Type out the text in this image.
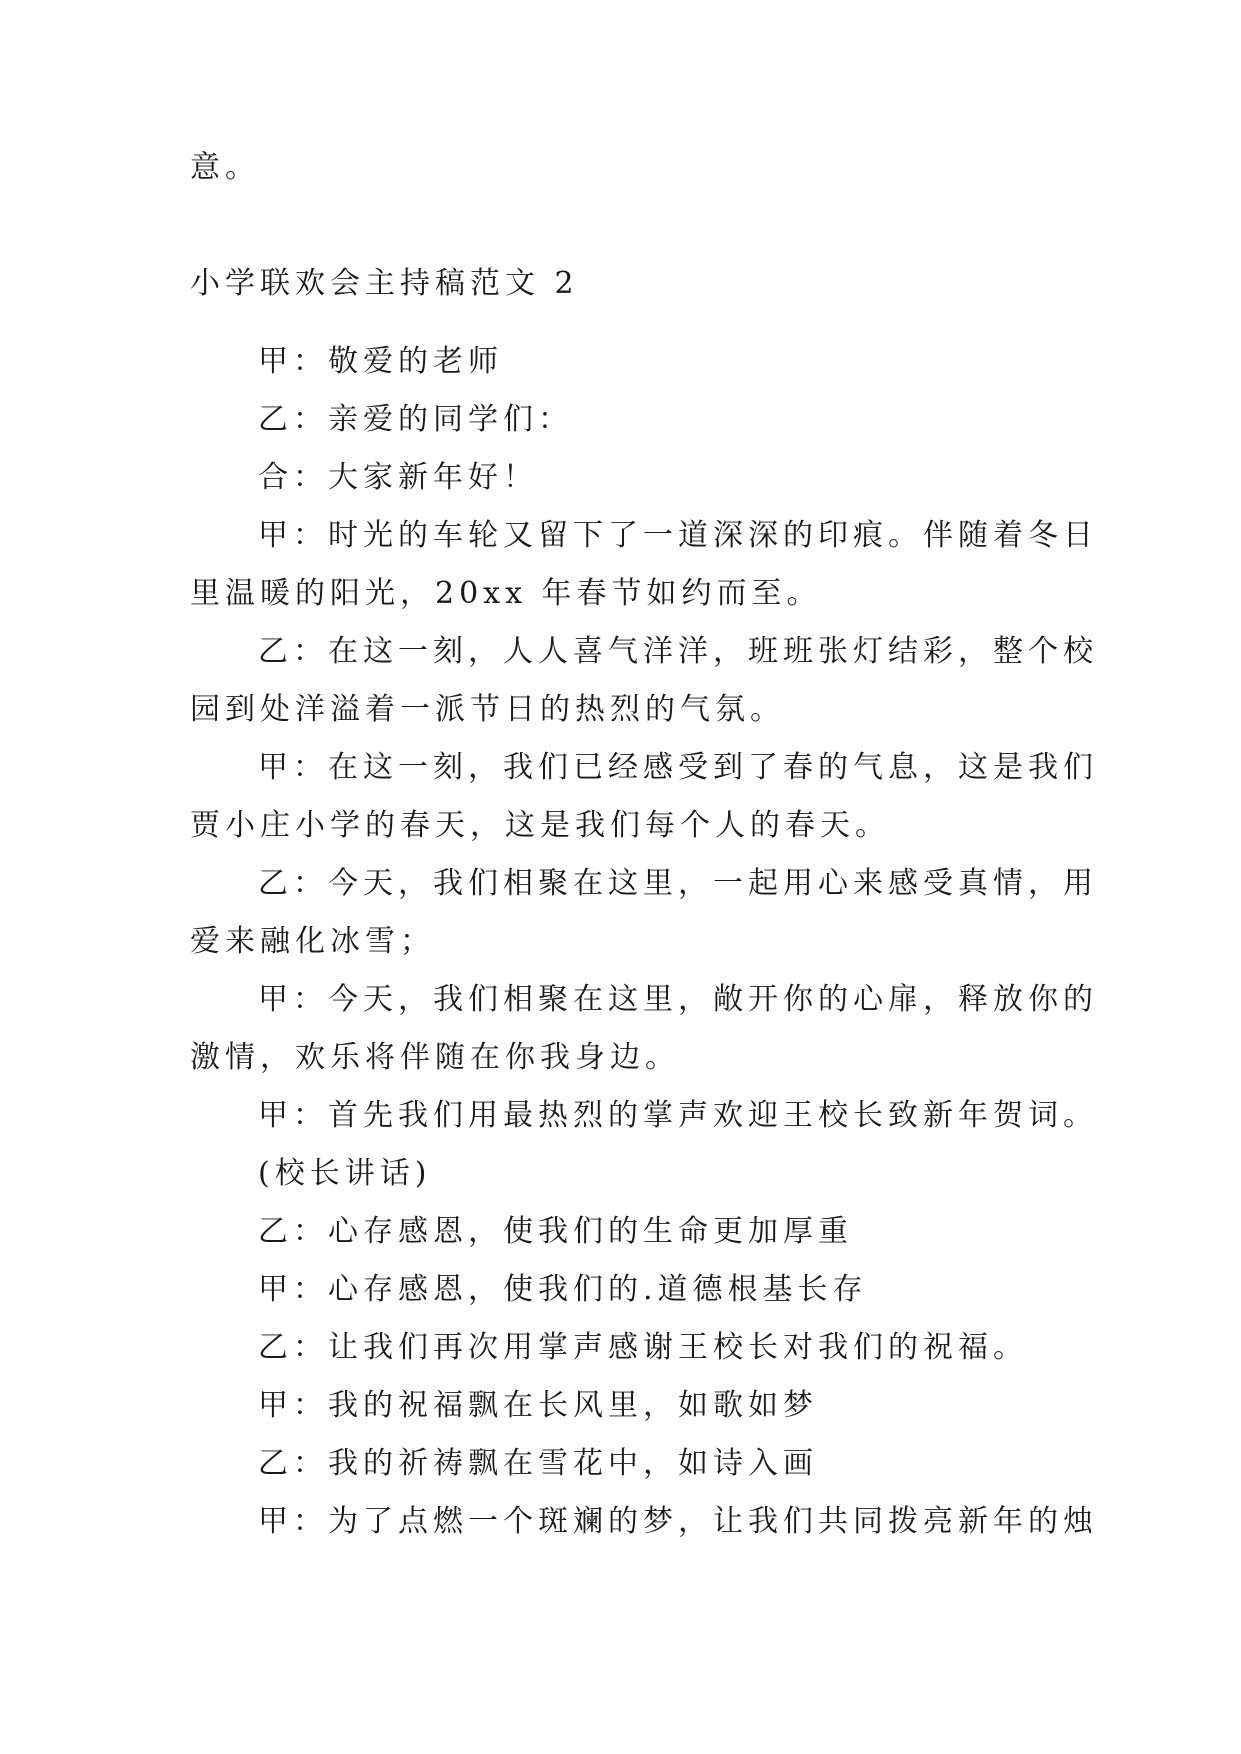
意。

小学联欢会主持稿范文 2

甲：敬爱的老师

乙：亲爱的同学们：

合：大家新年好！

甲：时光的车轮又留下了一道深深的印痕。伴随着冬日

里温暖的阳光，20xx 年春节如约而至。

乙：在这一刻，人人喜气洋洋，班班张灯结彩，整个校

园到处洋溢着一派节日的热烈的气氛。

甲：在这一刻，我们已经感受到了春的气息，这是我们

贾小庄小学的春天，这是我们每个人的春天。

乙：今天，我们相聚在这里，一起用心来感受真情，用

爱来融化冰雪；

甲：今天，我们相聚在这里，敞开你的心扉，释放你的

激情，欢乐将伴随在你我身边。

甲：首先我们用最热烈的掌声欢迎王校长致新年贺词。

(校长讲话)

乙：心存感恩，使我们的生命更加厚重

甲：心存感恩，使我们的.道德根基长存

乙：让我们再次用掌声感谢王校长对我们的祝福。

甲：我的祝福飘在长风里，如歌如梦

乙：我的祈祷飘在雪花中，如诗入画

甲：为了点燃一个斑斓的梦，让我们共同拨亮新年的烛
